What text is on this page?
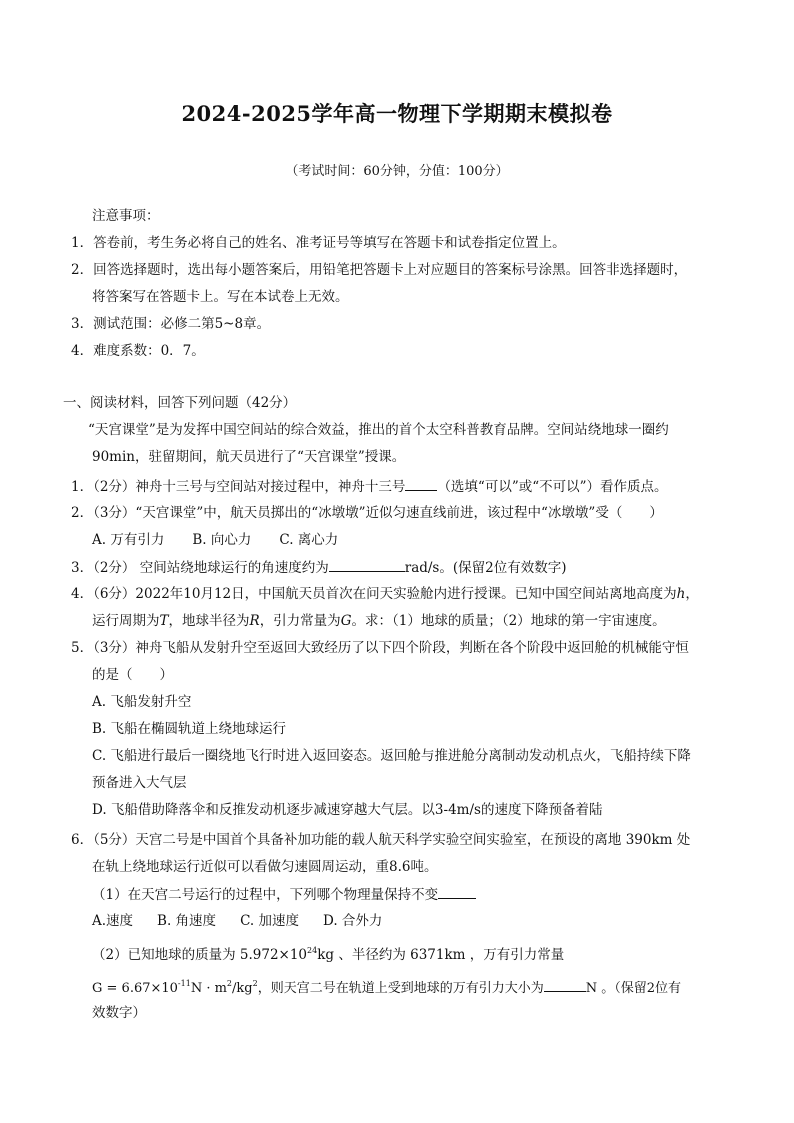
2024-2025学年高一物理下学期期末模拟卷
（考试时间：60分钟，分值：100分）
注意事项：
1．答卷前，考生务必将自己的姓名、准考证号等填写在答题卡和试卷指定位置上。
2．回答选择题时，选出每小题答案后，用铅笔把答题卡上对应题目的答案标号涂黑。回答非选择题时，
将答案写在答题卡上。写在本试卷上无效。
3．测试范围：必修二第5~8章。
4．难度系数：0．7。
一、阅读材料，回答下列问题（42分）
“天宫课堂”是为发挥中国空间站的综合效益，推出的首个太空科普教育品牌。空间站绕地球一圈约
90min，驻留期间，航天员进行了“天宫课堂”授课。
1．（2分）神舟十三号与空间站对接过程中，神舟十三号 （选填“可以”或“不可以”）看作质点。
2．（3分）“天宫课堂”中，航天员掷出的“冰墩墩”近似匀速直线前进，该过程中“冰墩墩”受（　　）
A. 万有引力 B. 向心力 C. 离心力
3．（2分） 空间站绕地球运行的角速度约为	rad/s。(保留2位有效数字)
4．（6分）2022年10月12日，中国航天员首次在问天实验舱内进行授课。已知中国空间站离地高度为h，
运行周期为T，地球半径为R，引力常量为G。求：（1）地球的质量；（2）地球的第一宇宙速度。
5．（3分）神舟飞船从发射升空至返回大致经历了以下四个阶段，判断在各个阶段中返回舱的机械能守恒
的是（　　）
A. 飞船发射升空
B. 飞船在椭圆轨道上绕地球运行
C. 飞船进行最后一圈绕地飞行时进入返回姿态。返回舱与推进舱分离制动发动机点火，飞船持续下降
预备进入大气层
D. 飞船借助降落伞和反推发动机逐步减速穿越大气层。以3-4m/s的速度下降预备着陆
6．（5分）天宫二号是中国首个具备补加功能的载人航天科学实验空间实验室，在预设的离地 390km 处
在轨上绕地球运行近似可以看做匀速圆周运动，重8.6吨。
（1）在天宫二号运行的过程中，下列哪个物理量保持不变
A.速度 B. 角速度 C. 加速度 D. 合外力
（2）已知地球的质量为 $5.972\times 10^{24}kg$ 、半径约为 6371km ，万有引力常量
$G = 6.67\times 10^{-11}N \cdot m^2/kg^2$，则天宫二号在轨道上受到地球的万有引力大小为	N 。（保留2位有
效数字）
